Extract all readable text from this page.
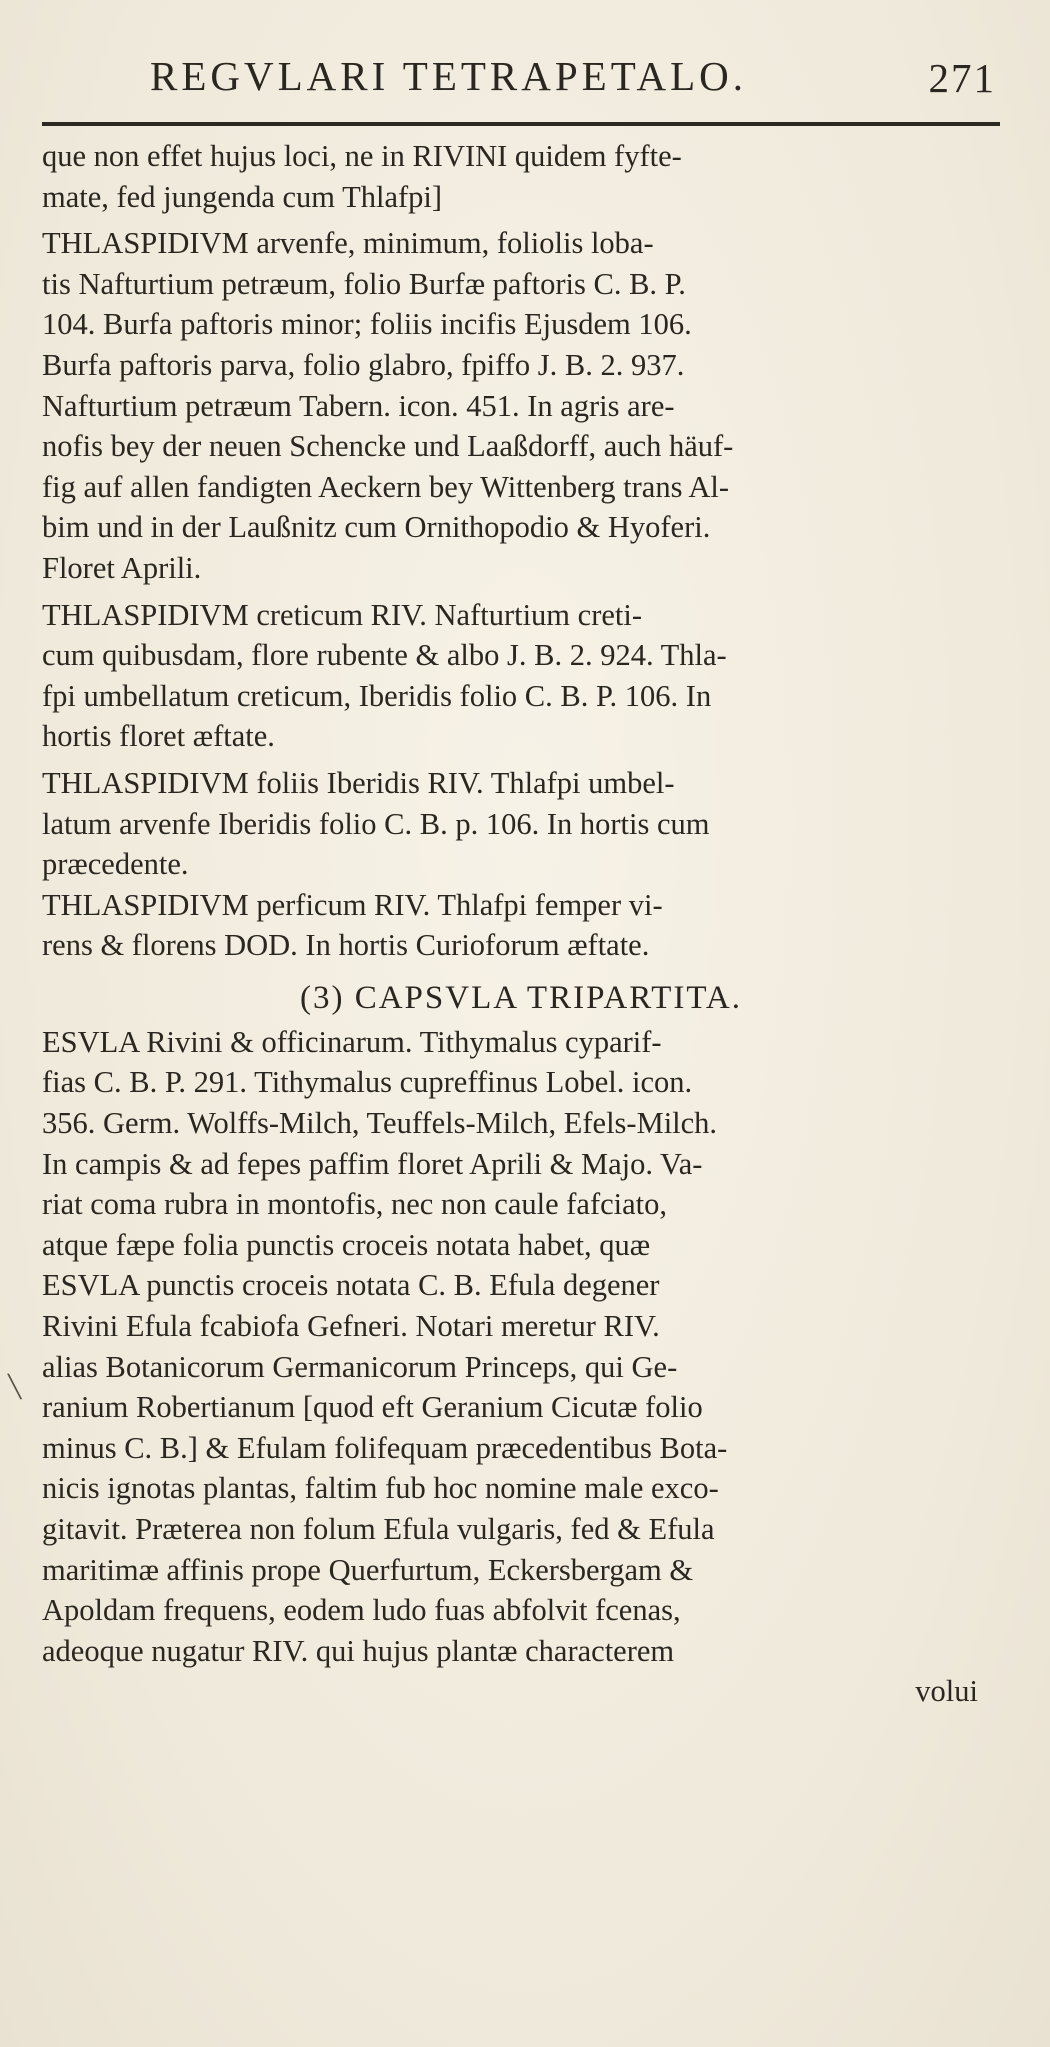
REGVLARI TETRAPETALO.	271
╲
que non effet hujus loci, ne in RIVINI quidem fyfte-
mate, fed jungenda cum Thlafpi]
THLASPIDIVM arvenfe, minimum, foliolis loba-
tis Nafturtium petræum, folio Burfæ paftoris C. B. P.
104. Burfa paftoris minor; foliis incifis Ejusdem 106.
Burfa paftoris parva, folio glabro, fpiffo J. B. 2. 937.
Nafturtium petræum Tabern. icon. 451. In agris are-
nofis bey der neuen Schencke und Laaßdorff, auch häuf-
fig auf allen fandigten Aeckern bey Wittenberg trans Al-
bim und in der Laußnitz cum Ornithopodio & Hyoferi.
Floret Aprili.
THLASPIDIVM creticum RIV. Nafturtium creti-
cum quibusdam, flore rubente & albo J. B. 2. 924. Thla-
fpi umbellatum creticum, Iberidis folio C. B. P. 106. In
hortis floret æftate.
THLASPIDIVM foliis Iberidis RIV. Thlafpi umbel-
latum arvenfe Iberidis folio C. B. p. 106. In hortis cum
præcedente.
THLASPIDIVM perficum RIV. Thlafpi femper vi-
rens & florens DOD. In hortis Curioforum æftate.
(3) CAPSVLA TRIPARTITA.
ESVLA Rivini & officinarum. Tithymalus cyparif-
fias C. B. P. 291. Tithymalus cupreffinus Lobel. icon.
356. Germ. Wolffs-Milch, Teuffels-Milch, Efels-Milch.
In campis & ad fepes paffim floret Aprili & Majo. Va-
riat coma rubra in montofis, nec non caule fafciato,
atque fæpe folia punctis croceis notata habet, quæ
ESVLA punctis croceis notata C. B. Efula degener
Rivini Efula fcabiofa Gefneri. Notari meretur RIV.
alias Botanicorum Germanicorum Princeps, qui Ge-
ranium Robertianum [quod eft Geranium Cicutæ folio
minus C. B.] & Efulam folifequam præcedentibus Bota-
nicis ignotas plantas, faltim fub hoc nomine male exco-
gitavit. Præterea non folum Efula vulgaris, fed & Efula
maritimæ affinis prope Querfurtum, Eckersbergam &
Apoldam frequens, eodem ludo fuas abfolvit fcenas,
adeoque nugatur RIV. qui hujus plantæ characterem
volui
